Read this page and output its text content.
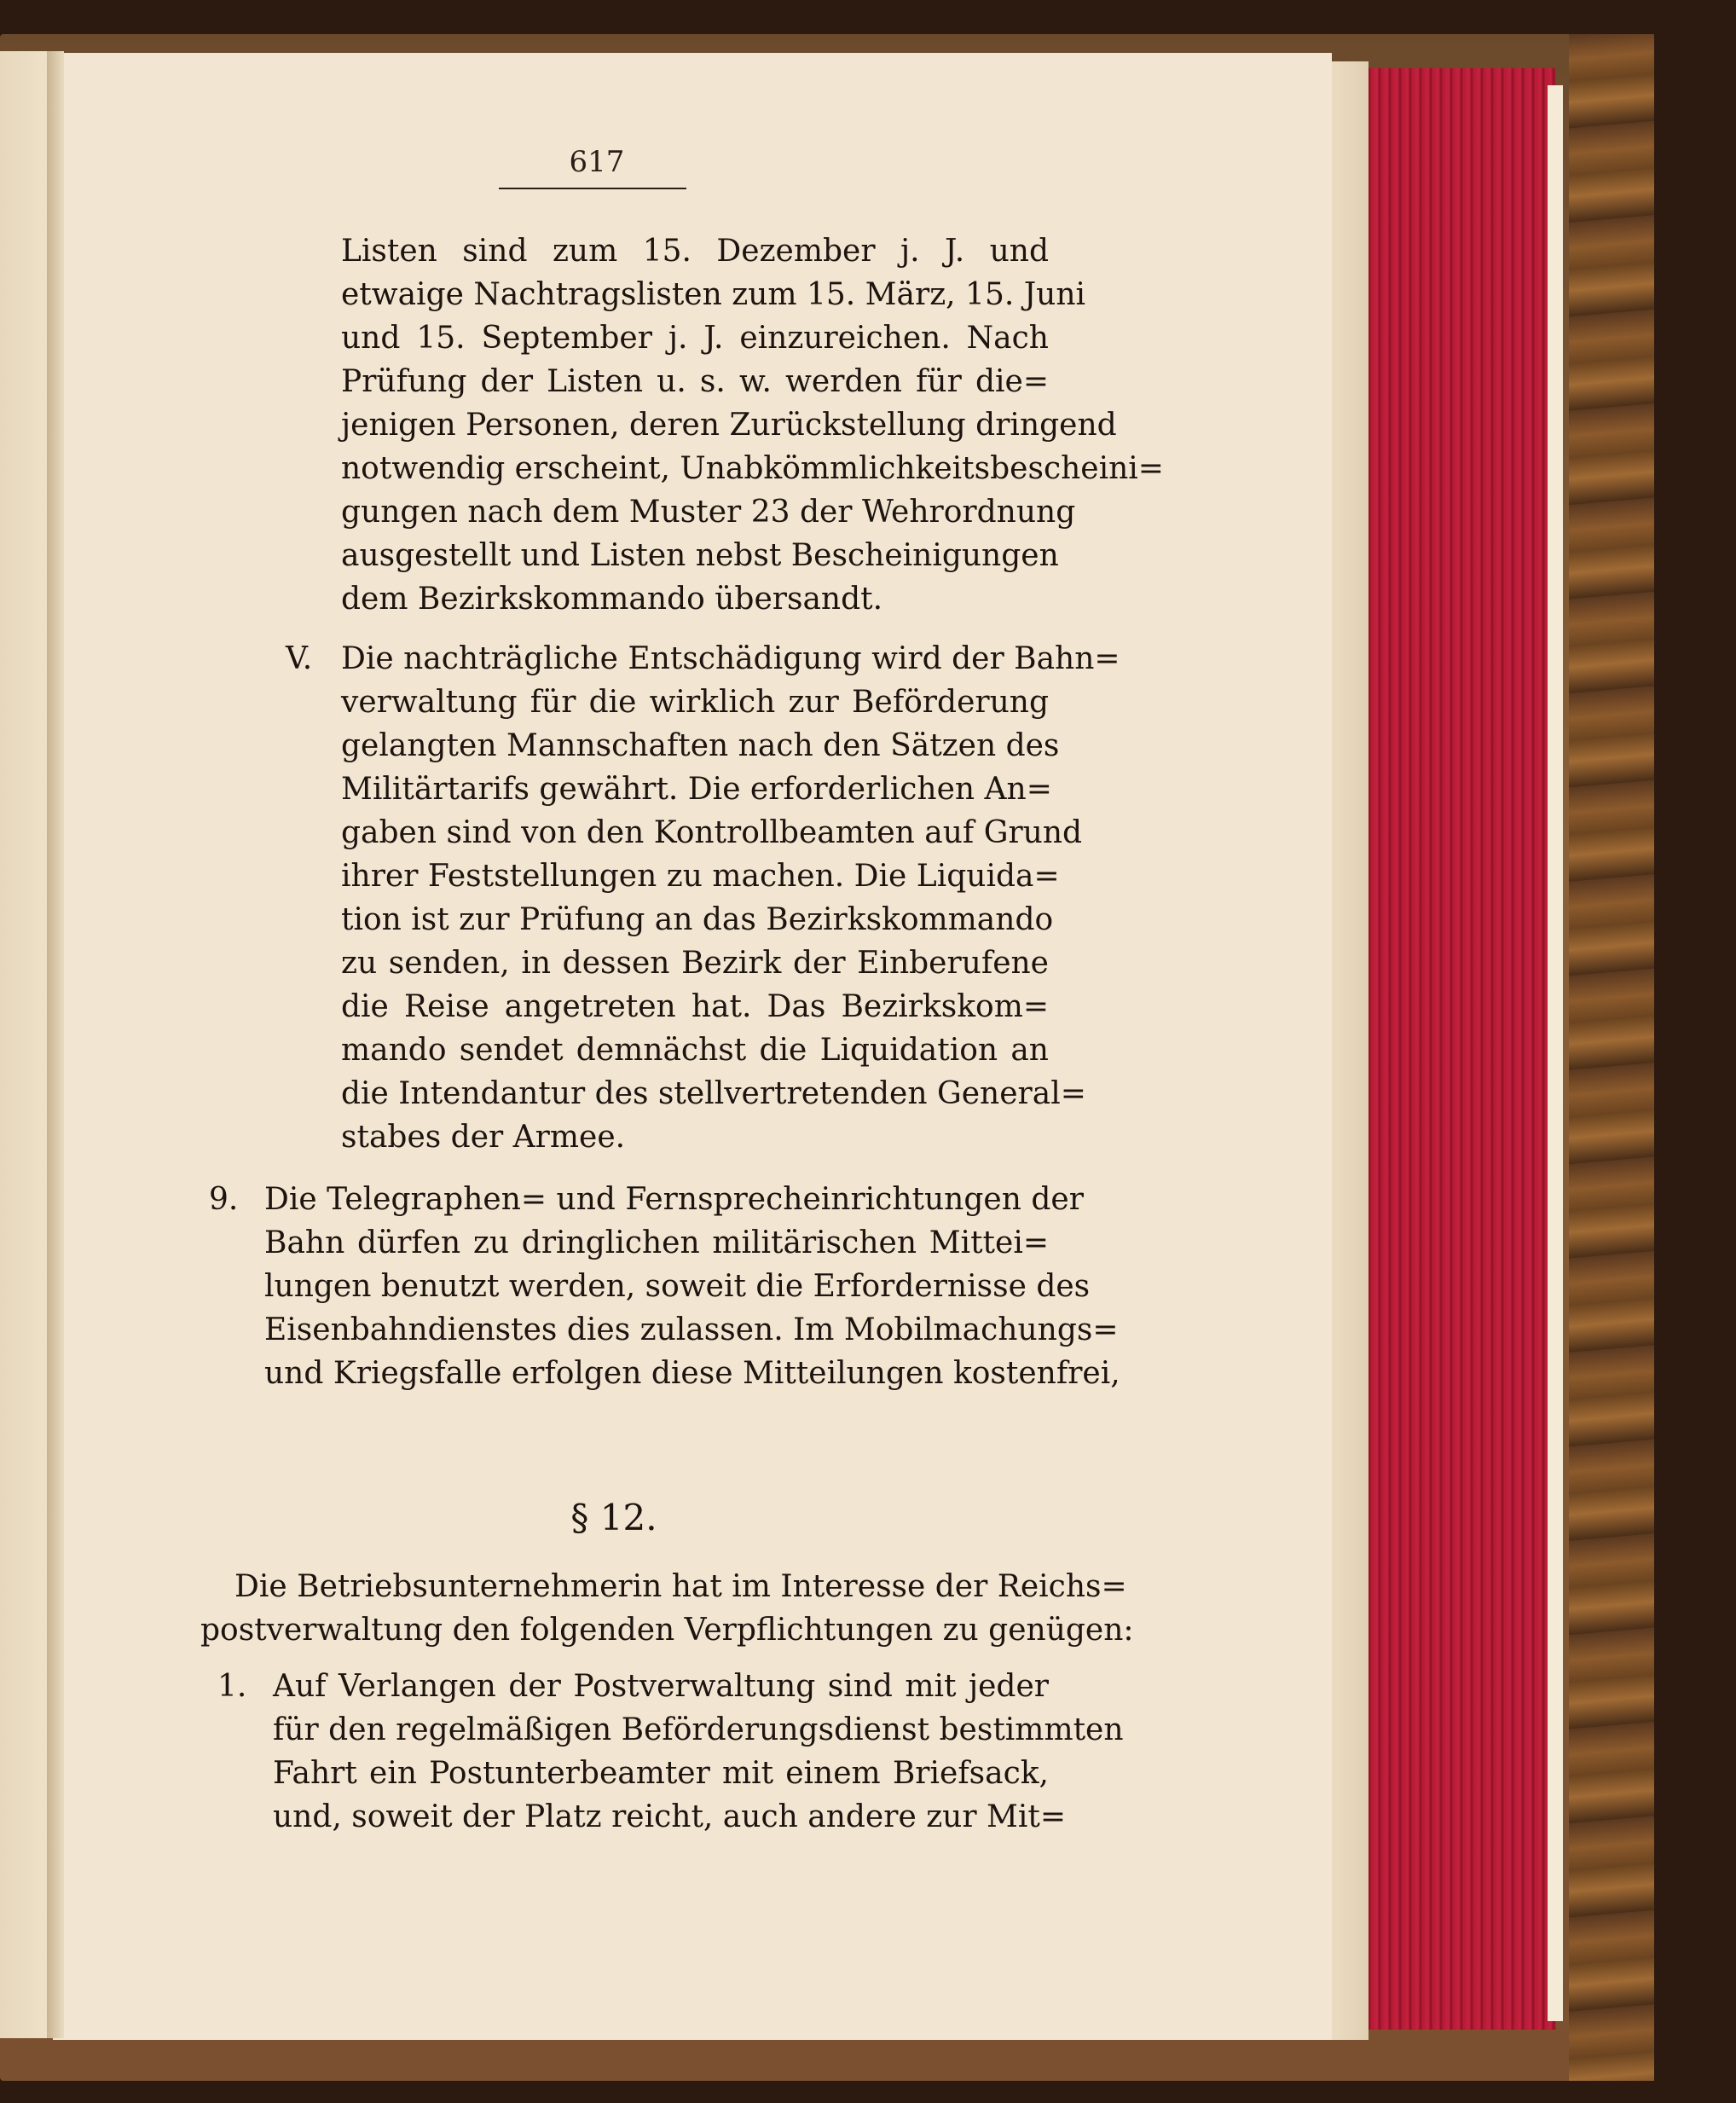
617
Listen sind zum 15. Dezember j. J. und
etwaige Nachtragslisten zum 15. März, 15. Juni
und 15. September j. J. einzureichen. Nach
Prüfung der Listen u. s. w. werden für die=
jenigen Personen, deren Zurückstellung dringend
notwendig erscheint, Unabkömmlichkeitsbescheini=
gungen nach dem Muster 23 der Wehrordnung
ausgestellt und Listen nebst Bescheinigungen
dem Bezirkskommando übersandt.
V. Die nachträgliche Entschädigung wird der Bahn=
verwaltung für die wirklich zur Beförderung
gelangten Mannschaften nach den Sätzen des
Militärtarifs gewährt. Die erforderlichen An=
gaben sind von den Kontrollbeamten auf Grund
ihrer Feststellungen zu machen. Die Liquida=
tion ist zur Prüfung an das Bezirkskommando
zu senden, in dessen Bezirk der Einberufene
die Reise angetreten hat. Das Bezirkskom=
mando sendet demnächst die Liquidation an
die Intendantur des stellvertretenden General=
stabes der Armee.
9. Die Telegraphen= und Fernsprecheinrichtungen der
Bahn dürfen zu dringlichen militärischen Mittei=
lungen benutzt werden, soweit die Erfordernisse des
Eisenbahndienstes dies zulassen. Im Mobilmachungs=
und Kriegsfalle erfolgen diese Mitteilungen kostenfrei,
§ 12.
Die Betriebsunternehmerin hat im Interesse der Reichs=
postverwaltung den folgenden Verpflichtungen zu genügen:
1. Auf Verlangen der Postverwaltung sind mit jeder
für den regelmäßigen Beförderungsdienst bestimmten
Fahrt ein Postunterbeamter mit einem Briefsack,
und, soweit der Platz reicht, auch andere zur Mit=
